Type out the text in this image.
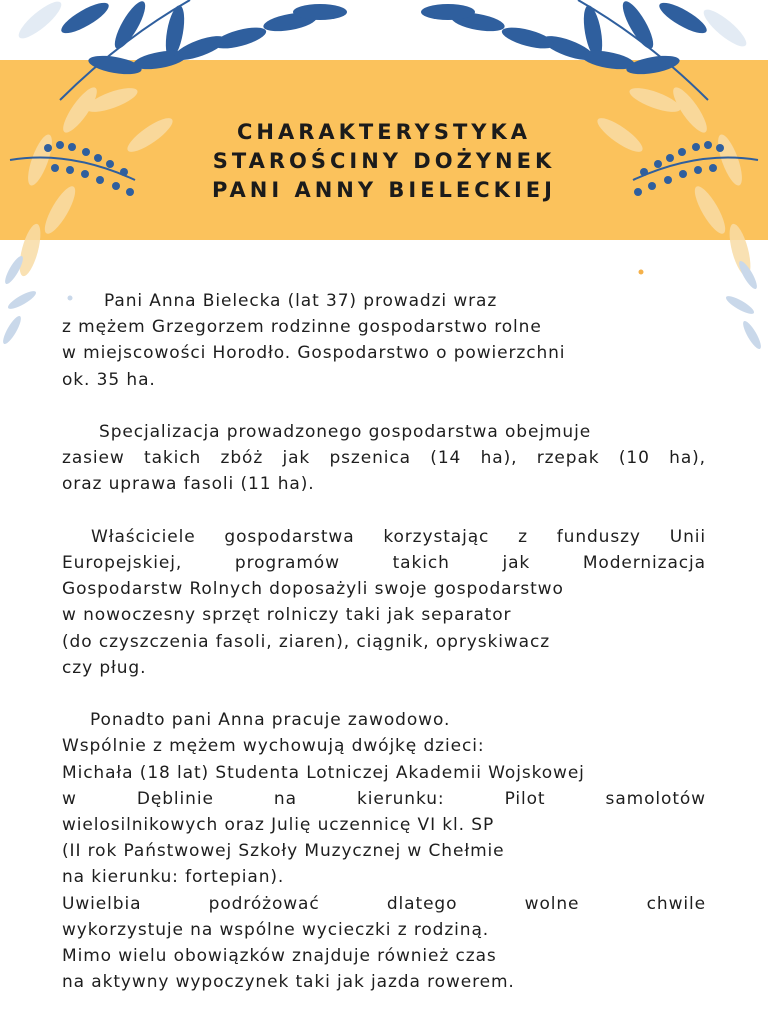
CHARAKTERYSTYKA
STAROŚCINY DOŻYNEK
PANI ANNY BIELECKIEJ

Pani Anna Bielecka (lat 37) prowadzi wraz
z mężem Grzegorzem rodzinne gospodarstwo rolne
w miejscowości Horodło. Gospodarstwo o powierzchni
ok. 35 ha.

Specjalizacja prowadzonego gospodarstwa obejmuje
zasiew takich zbóż jak pszenica (14 ha), rzepak (10 ha),
oraz uprawa fasoli (11 ha).

Właściciele gospodarstwa korzystając z funduszy Unii
Europejskiej, programów takich jak Modernizacja
Gospodarstw Rolnych doposażyli swoje gospodarstwo
w nowoczesny sprzęt rolniczy taki jak separator
(do czyszczenia fasoli, ziaren), ciągnik, opryskiwacz
czy pług.

Ponadto pani Anna pracuje zawodowo.
Wspólnie z mężem wychowują dwójkę dzieci:
Michała (18 lat) Studenta Lotniczej Akademii Wojskowej
w Dęblinie na kierunku: Pilot samolotów
wielosilnikowych oraz Julię uczennicę VI kl. SP
(II rok Państwowej Szkoły Muzycznej w Chełmie
na kierunku: fortepian).
Uwielbia podróżować dlatego wolne chwile
wykorzystuje na wspólne wycieczki z rodziną.
Mimo wielu obowiązków znajduje również czas
na aktywny wypoczynek taki jak jazda rowerem.
